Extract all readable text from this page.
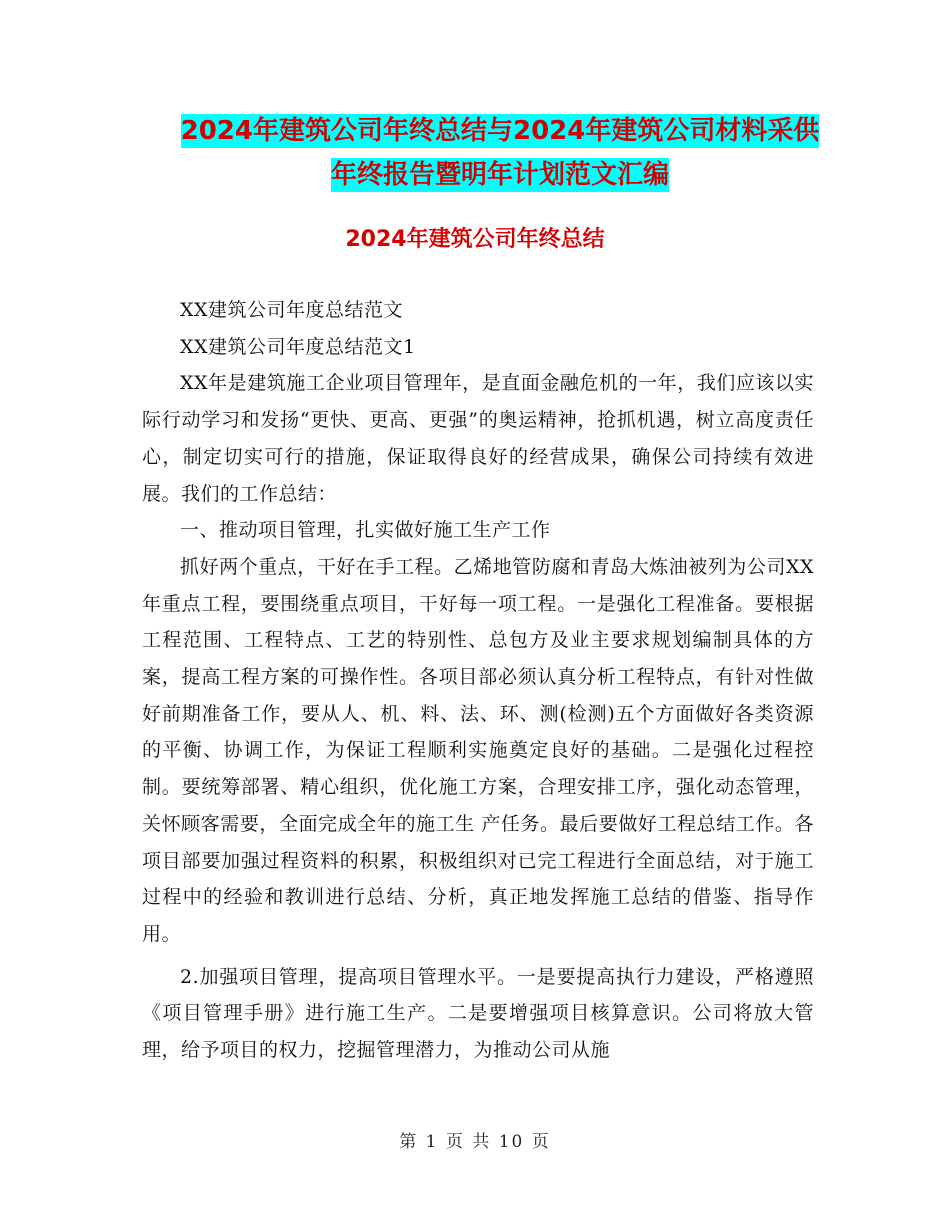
2024年建筑公司年终总结与2024年建筑公司材料采供
年终报告暨明年计划范文汇编
2024年建筑公司年终总结

XX建筑公司年度总结范文

XX建筑公司年度总结范文1

XX年是建筑施工企业项目管理年，是直面金融危机的一年，我们应该以实际行动学习和发扬“更快、更高、更强”的奥运精神，抢抓机遇，树立高度责任心，制定切实可行的措施，保证取得良好的经营成果，确保公司持续有效进展。我们的工作总结：

一、推动项目管理，扎实做好施工生产工作

抓好两个重点，干好在手工程。乙烯地管防腐和青岛大炼油被列为公司XX年重点工程，要围绕重点项目，干好每一项工程。一是强化工程准备。要根据工程范围、工程特点、工艺的特别性、总包方及业主要求规划编制具体的方案，提高工程方案的可操作性。各项目部必须认真分析工程特点，有针对性做好前期准备工作，要从人、机、料、法、环、测(检测)五个方面做好各类资源的平衡、协调工作，为保证工程顺利实施奠定良好的基础。二是强化过程控制。要统筹部署、精心组织，优化施工方案，合理安排工序，强化动态管理，关怀顾客需要，全面完成全年的施工生 产任务。最后要做好工程总结工作。各项目部要加强过程资料的积累，积极组织对已完工程进行全面总结，对于施工过程中的经验和教训进行总结、分析，真正地发挥施工总结的借鉴、指导作用。

2.加强项目管理，提高项目管理水平。一是要提高执行力建设，严格遵照《项目管理手册》进行施工生产。二是要增强项目核算意识。公司将放大管理，给予项目的权力，挖掘管理潜力，为推动公司从施

第 1 页 共 10 页
